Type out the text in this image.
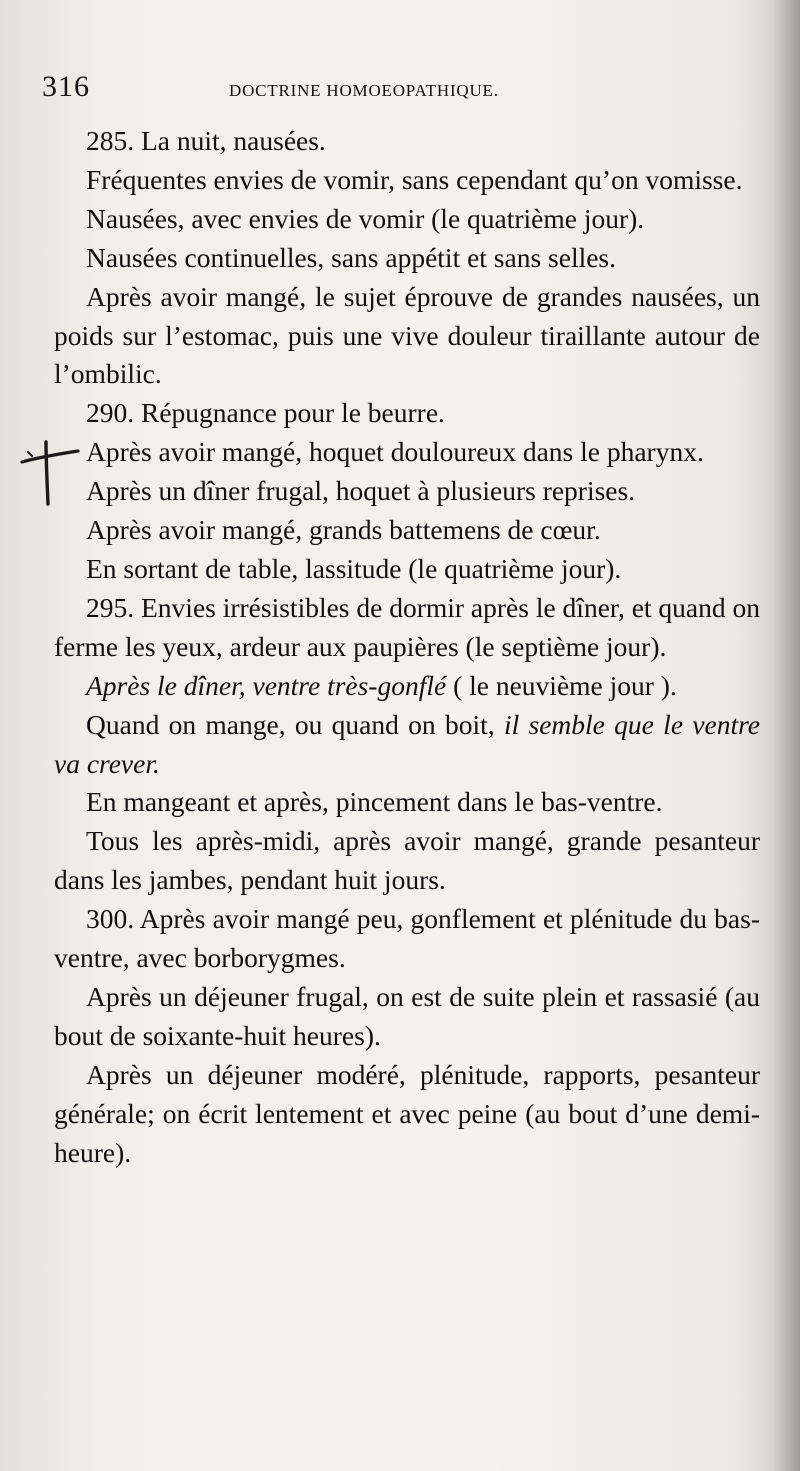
316	DOCTRINE HOMOEOPATHIQUE.

285. La nuit, nausées.

Fréquentes envies de vomir, sans cependant qu’on vomisse.

Nausées, avec envies de vomir (le quatrième jour).

Nausées continuelles, sans appétit et sans selles.

Après avoir mangé, le sujet éprouve de grandes nausées, un poids sur l’estomac, puis une vive douleur tiraillante autour de l’ombilic.

290. Répugnance pour le beurre.

Après avoir mangé, hoquet douloureux dans le pharynx.

Après un dîner frugal, hoquet à plusieurs reprises.

Après avoir mangé, grands battemens de cœur.

En sortant de table, lassitude (le quatrième jour).

295. Envies irrésistibles de dormir après le dîner, et quand on ferme les yeux, ardeur aux paupières (le septième jour).

Après le dîner, ventre très-gonflé ( le neuvième jour ).

Quand on mange, ou quand on boit, il semble que le ventre va crever.

En mangeant et après, pincement dans le bas-ventre.

Tous les après-midi, après avoir mangé, grande pesanteur dans les jambes, pendant huit jours.

300. Après avoir mangé peu, gonflement et plénitude du bas-ventre, avec borborygmes.

Après un déjeuner frugal, on est de suite plein et rassasié (au bout de soixante-huit heures).

Après un déjeuner modéré, plénitude, rapports, pesanteur générale; on écrit lentement et avec peine (au bout d’une demi-heure).
